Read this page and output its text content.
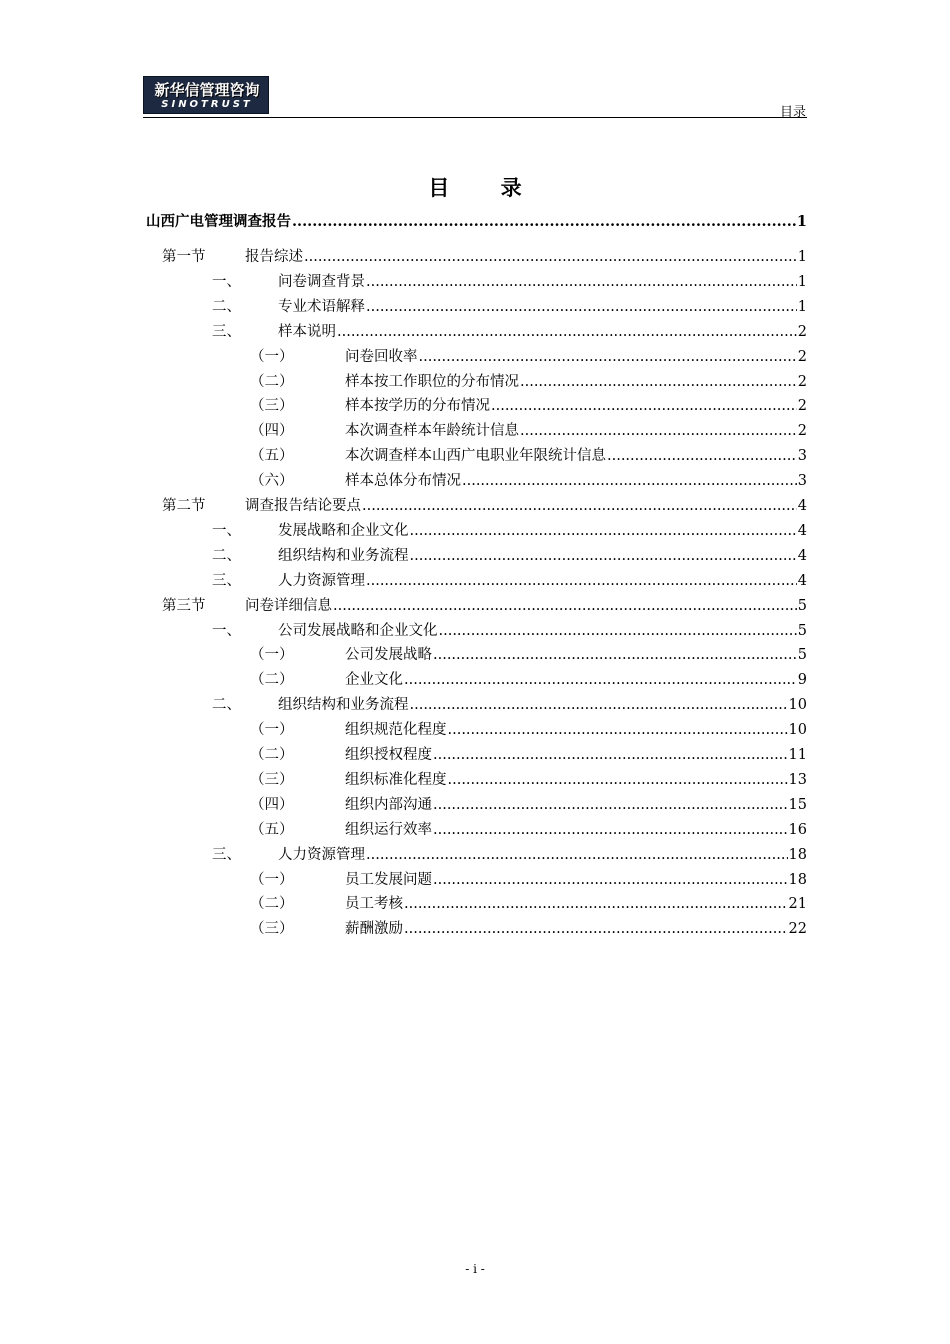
新华信管理咨询
SINOTRUST
目录
目 录
山西广电管理调查报告 .....	1
第一节	报告综述 .....	1
一、	问卷调查背景 .....	1
二、	专业术语解释 .....	1
三、	样本说明 .....	2
（一）	问卷回收率 .....	2
（二）	样本按工作职位的分布情况 .....	2
（三）	样本按学历的分布情况 .....	2
（四）	本次调查样本年龄统计信息 .....	2
（五）	本次调查样本山西广电职业年限统计信息 .....	3
（六）	样本总体分布情况 .....	3
第二节	调查报告结论要点 .....	4
一、	发展战略和企业文化 .....	4
二、	组织结构和业务流程 .....	4
三、	人力资源管理 .....	4
第三节	问卷详细信息 .....	5
一、	公司发展战略和企业文化 .....	5
（一）	公司发展战略 .....	5
（二）	企业文化 .....	9
二、	组织结构和业务流程 .....	10
（一）	组织规范化程度 .....	10
（二）	组织授权程度 .....	11
（三）	组织标准化程度 .....	13
（四）	组织内部沟通 .....	15
（五）	组织运行效率 .....	16
三、	人力资源管理 .....	18
（一）	员工发展问题 .....	18
（二）	员工考核 .....	21
（三）	薪酬激励 .....	22
- i -
